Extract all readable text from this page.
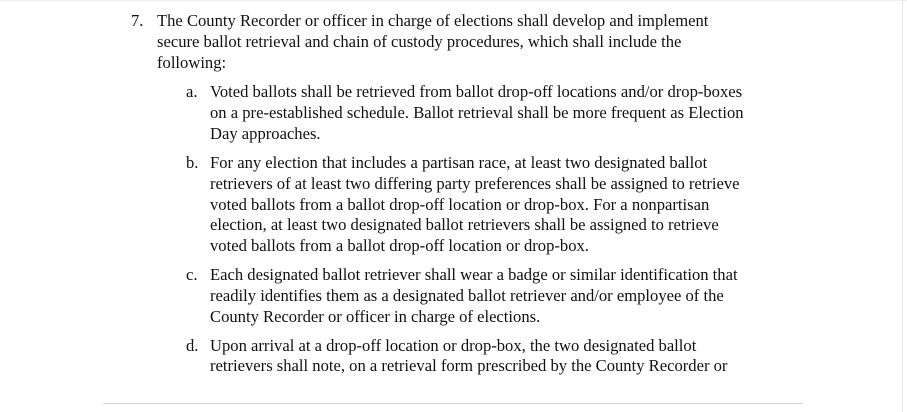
7. The County Recorder or officer in charge of elections shall develop and implement
secure ballot retrieval and chain of custody procedures, which shall include the
following:
a. Voted ballots shall be retrieved from ballot drop-off locations and/or drop-boxes
on a pre-established schedule. Ballot retrieval shall be more frequent as Election
Day approaches.
b. For any election that includes a partisan race, at least two designated ballot
retrievers of at least two differing party preferences shall be assigned to retrieve
voted ballots from a ballot drop-off location or drop-box. For a nonpartisan
election, at least two designated ballot retrievers shall be assigned to retrieve
voted ballots from a ballot drop-off location or drop-box.
c. Each designated ballot retriever shall wear a badge or similar identification that
readily identifies them as a designated ballot retriever and/or employee of the
County Recorder or officer in charge of elections.
d. Upon arrival at a drop-off location or drop-box, the two designated ballot
retrievers shall note, on a retrieval form prescribed by the County Recorder or
